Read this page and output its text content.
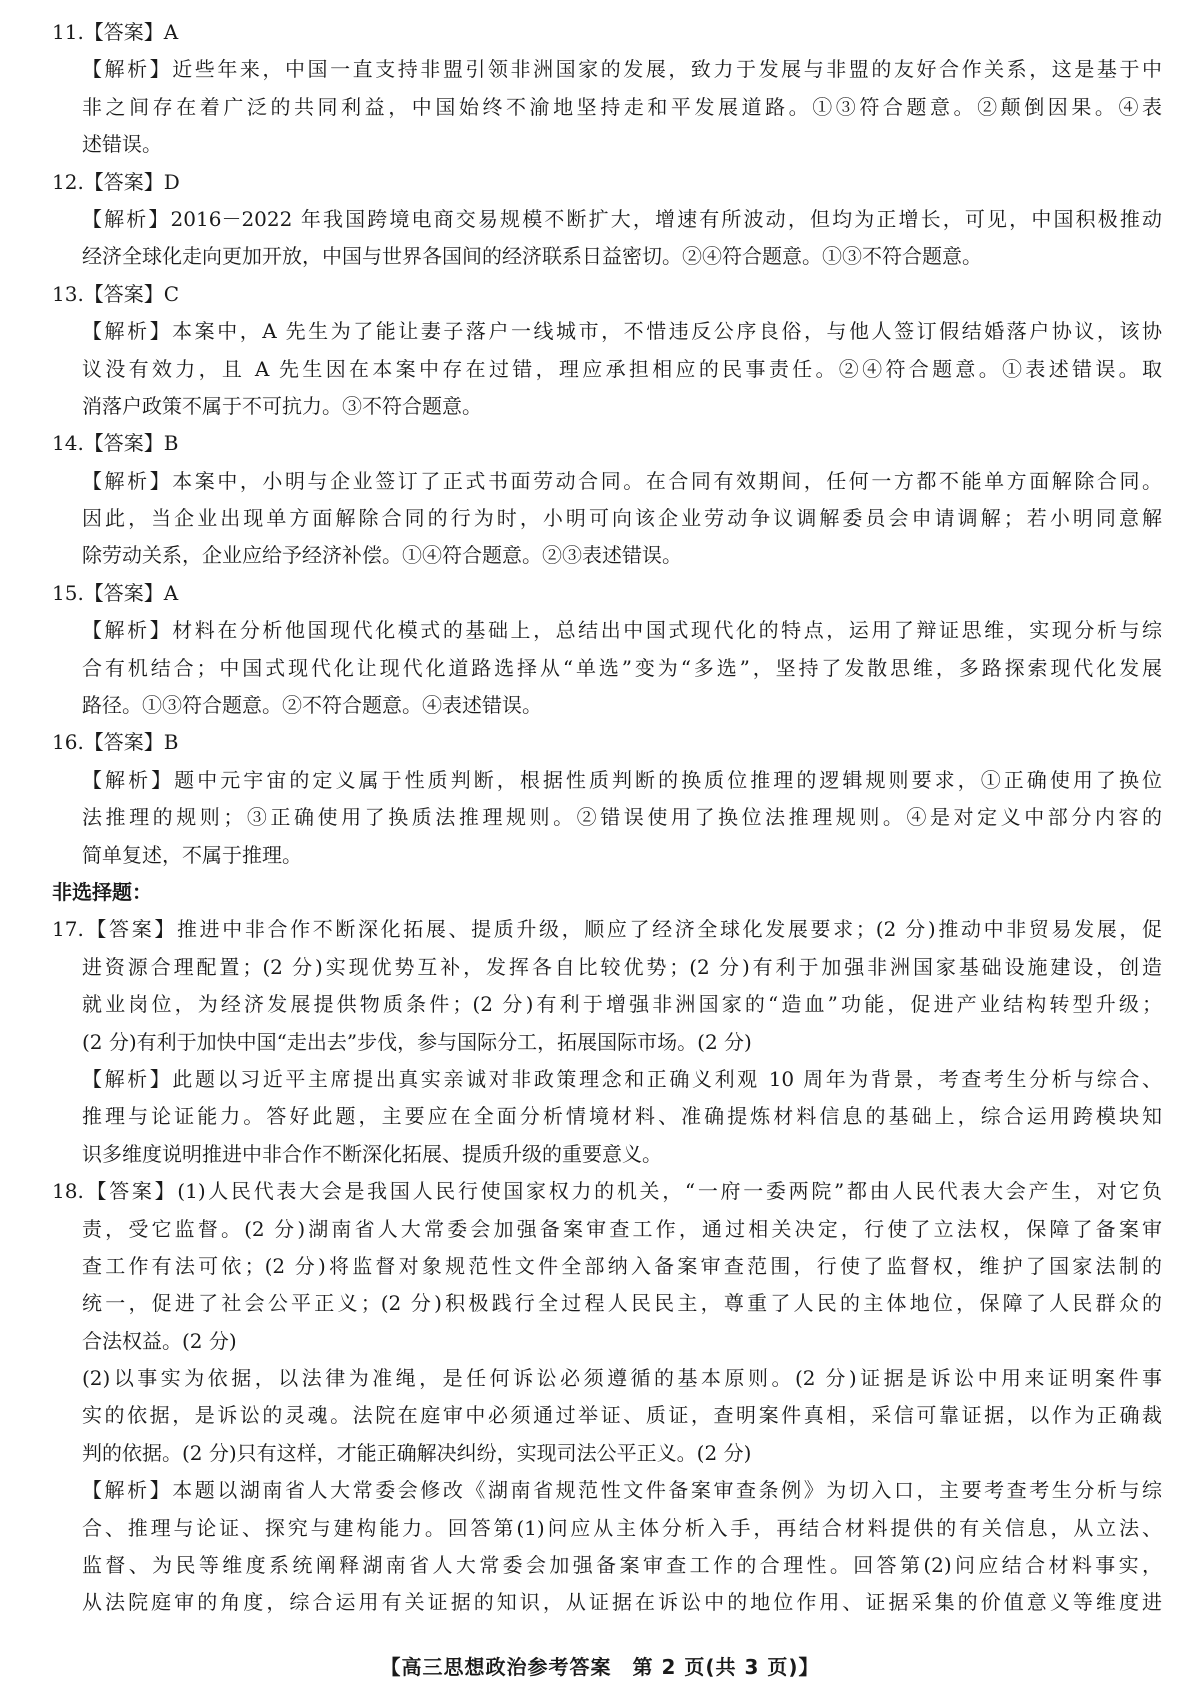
11.【答案】A
【解析】近些年来，中国一直支持非盟引领非洲国家的发展，致力于发展与非盟的友好合作关系，这是基于中
非之间存在着广泛的共同利益，中国始终不渝地坚持走和平发展道路。①③符合题意。②颠倒因果。④表
述错误。
12.【答案】D
【解析】2016－2022 年我国跨境电商交易规模不断扩大，增速有所波动，但均为正增长，可见，中国积极推动
经济全球化走向更加开放，中国与世界各国间的经济联系日益密切。②④符合题意。①③不符合题意。
13.【答案】C
【解析】本案中，A 先生为了能让妻子落户一线城市，不惜违反公序良俗，与他人签订假结婚落户协议，该协
议没有效力，且 A 先生因在本案中存在过错，理应承担相应的民事责任。②④符合题意。①表述错误。取
消落户政策不属于不可抗力。③不符合题意。
14.【答案】B
【解析】本案中，小明与企业签订了正式书面劳动合同。在合同有效期间，任何一方都不能单方面解除合同。
因此，当企业出现单方面解除合同的行为时，小明可向该企业劳动争议调解委员会申请调解；若小明同意解
除劳动关系，企业应给予经济补偿。①④符合题意。②③表述错误。
15.【答案】A
【解析】材料在分析他国现代化模式的基础上，总结出中国式现代化的特点，运用了辩证思维，实现分析与综
合有机结合；中国式现代化让现代化道路选择从“单选”变为“多选”，坚持了发散思维，多路探索现代化发展
路径。①③符合题意。②不符合题意。④表述错误。
16.【答案】B
【解析】题中元宇宙的定义属于性质判断，根据性质判断的换质位推理的逻辑规则要求，①正确使用了换位
法推理的规则；③正确使用了换质法推理规则。②错误使用了换位法推理规则。④是对定义中部分内容的
简单复述，不属于推理。
非选择题：
17.【答案】推进中非合作不断深化拓展、提质升级，顺应了经济全球化发展要求；(2 分)推动中非贸易发展，促
进资源合理配置；(2 分)实现优势互补，发挥各自比较优势；(2 分)有利于加强非洲国家基础设施建设，创造
就业岗位，为经济发展提供物质条件；(2 分)有利于增强非洲国家的“造血”功能，促进产业结构转型升级；
(2 分)有利于加快中国“走出去”步伐，参与国际分工，拓展国际市场。(2 分)
【解析】此题以习近平主席提出真实亲诚对非政策理念和正确义利观 10 周年为背景，考查考生分析与综合、
推理与论证能力。答好此题，主要应在全面分析情境材料、准确提炼材料信息的基础上，综合运用跨模块知
识多维度说明推进中非合作不断深化拓展、提质升级的重要意义。
18.【答案】(1)人民代表大会是我国人民行使国家权力的机关，“一府一委两院”都由人民代表大会产生，对它负
责，受它监督。(2 分)湖南省人大常委会加强备案审查工作，通过相关决定，行使了立法权，保障了备案审
查工作有法可依；(2 分)将监督对象规范性文件全部纳入备案审查范围，行使了监督权，维护了国家法制的
统一，促进了社会公平正义；(2 分)积极践行全过程人民民主，尊重了人民的主体地位，保障了人民群众的
合法权益。(2 分)
(2)以事实为依据，以法律为准绳，是任何诉讼必须遵循的基本原则。(2 分)证据是诉讼中用来证明案件事
实的依据，是诉讼的灵魂。法院在庭审中必须通过举证、质证，查明案件真相，采信可靠证据，以作为正确裁
判的依据。(2 分)只有这样，才能正确解决纠纷，实现司法公平正义。(2 分)
【解析】本题以湖南省人大常委会修改《湖南省规范性文件备案审查条例》为切入口，主要考查考生分析与综
合、推理与论证、探究与建构能力。回答第(1)问应从主体分析入手，再结合材料提供的有关信息，从立法、
监督、为民等维度系统阐释湖南省人大常委会加强备案审查工作的合理性。回答第(2)问应结合材料事实，
从法院庭审的角度，综合运用有关证据的知识，从证据在诉讼中的地位作用、证据采集的价值意义等维度进
【高三思想政治参考答案　第 2 页(共 3 页)】
